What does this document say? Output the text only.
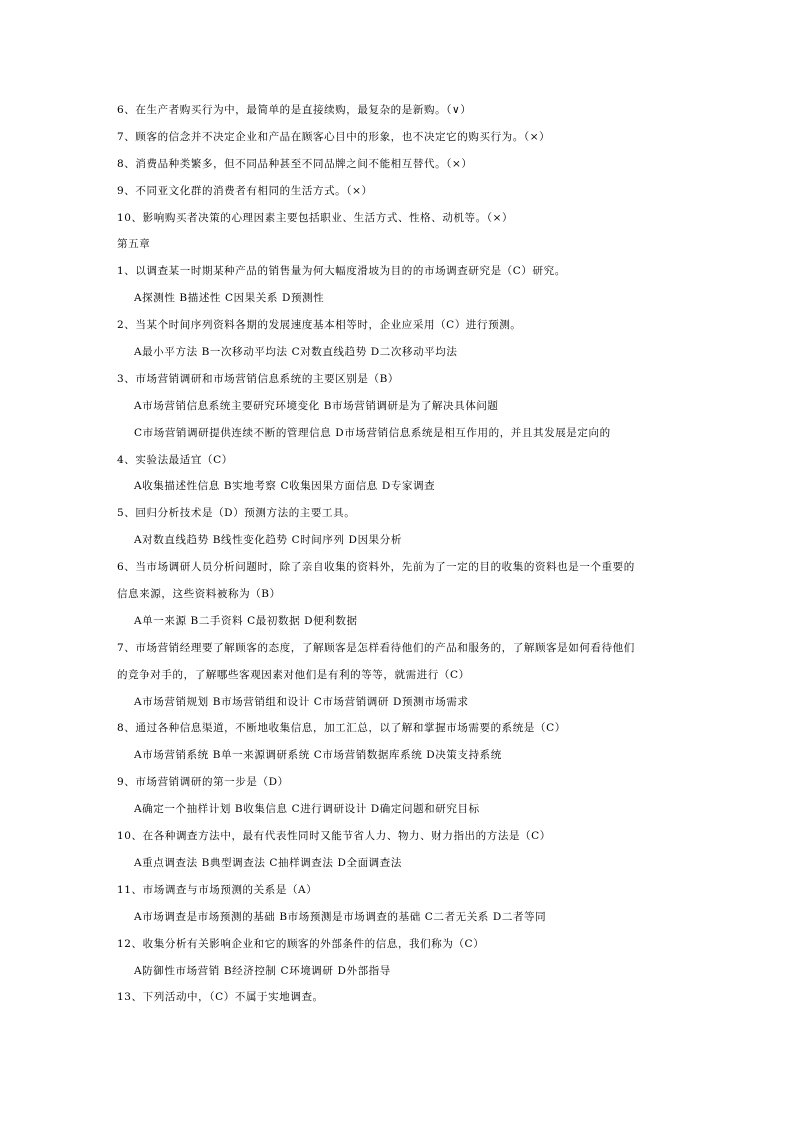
6、在生产者购买行为中，最简单的是直接续购，最复杂的是新购。（∨）
7、顾客的信念并不决定企业和产品在顾客心目中的形象，也不决定它的购买行为。（×）
8、消费品种类繁多，但不同品种甚至不同品牌之间不能相互替代。（×）
9、不同亚文化群的消费者有相同的生活方式。（×）
10、影响购买者决策的心理因素主要包括职业、生活方式、性格、动机等。（×）
第五章
1、以调查某一时期某种产品的销售量为何大幅度滑坡为目的的市场调查研究是（C）研究。
A探测性 B描述性 C因果关系 D预测性
2、当某个时间序列资料各期的发展速度基本相等时，企业应采用（C）进行预测。
A最小平方法 B一次移动平均法 C对数直线趋势 D二次移动平均法
3、市场营销调研和市场营销信息系统的主要区别是（B）
A市场营销信息系统主要研究环境变化 B市场营销调研是为了解决具体问题
C市场营销调研提供连续不断的管理信息 D市场营销信息系统是相互作用的，并且其发展是定向的
4、实验法最适宜（C）
A收集描述性信息 B实地考察 C收集因果方面信息 D专家调查
5、回归分析技术是（D）预测方法的主要工具。
A对数直线趋势 B线性变化趋势 C时间序列 D因果分析
6、当市场调研人员分析问题时，除了亲自收集的资料外，先前为了一定的目的收集的资料也是一个重要的
信息来源，这些资料被称为（B）
A单一来源 B二手资料 C最初数据 D便利数据
7、市场营销经理要了解顾客的态度，了解顾客是怎样看待他们的产品和服务的，了解顾客是如何看待他们
的竞争对手的，了解哪些客观因素对他们是有利的等等，就需进行（C）
A市场营销规划 B市场营销组和设计 C市场营销调研 D预测市场需求
8、通过各种信息渠道，不断地收集信息，加工汇总，以了解和掌握市场需要的系统是（C）
A市场营销系统 B单一来源调研系统 C市场营销数据库系统 D决策支持系统
9、市场营销调研的第一步是（D）
A确定一个抽样计划 B收集信息 C进行调研设计 D确定问题和研究目标
10、在各种调查方法中，最有代表性同时又能节省人力、物力、财力指出的方法是（C）
A重点调查法 B典型调查法 C抽样调查法 D全面调查法
11、市场调查与市场预测的关系是（A）
A市场调查是市场预测的基础 B市场预测是市场调查的基础 C二者无关系 D二者等同
12、收集分析有关影响企业和它的顾客的外部条件的信息，我们称为（C）
A防御性市场营销 B经济控制 C环境调研 D外部指导
13、下列活动中，（C）不属于实地调查。
